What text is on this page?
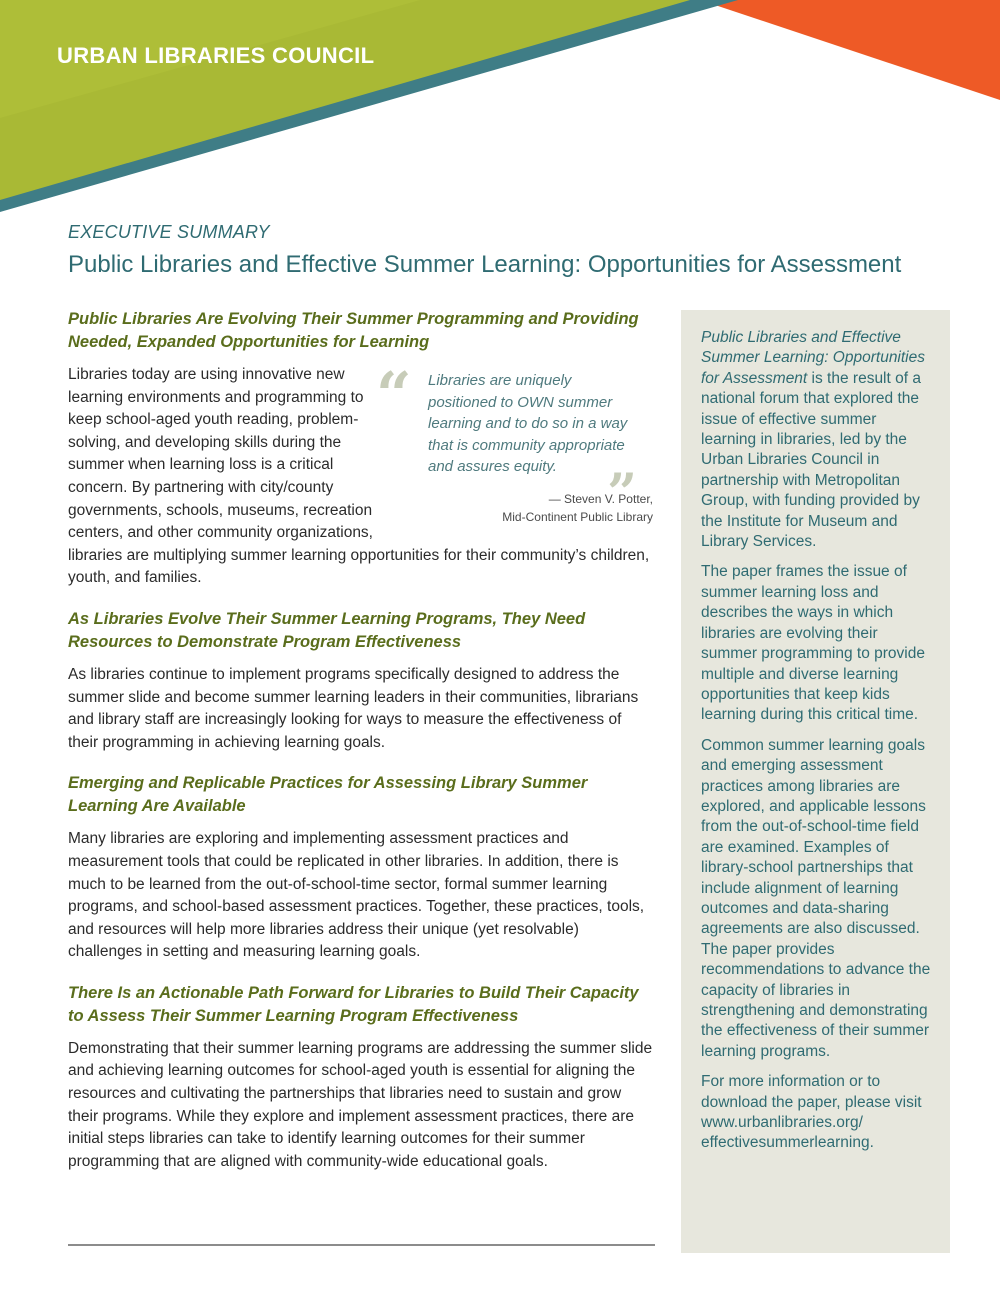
URBAN LIBRARIES COUNCIL
EXECUTIVE SUMMARY
Public Libraries and Effective Summer Learning: Opportunities for Assessment
Public Libraries Are Evolving Their Summer Programming and Providing Needed, Expanded Opportunities for Learning
“ Libraries are uniquely positioned to OWN summer learning and to do so in a way that is community appropriate and assures equity. ”
— Steven V. Potter,
Mid-Continent Public Library

Libraries today are using innovative new learning environments and programming to keep school-aged youth reading, problem-solving, and developing skills during the summer when learning loss is a critical concern. By partnering with city/county governments, schools, museums, recreation centers, and other community organizations, libraries are multiplying summer learning opportunities for their community’s children, youth, and families.

As Libraries Evolve Their Summer Learning Programs, They Need Resources to Demonstrate Program Effectiveness

As libraries continue to implement programs specifically designed to address the summer slide and become summer learning leaders in their communities, librarians and library staff are increasingly looking for ways to measure the effectiveness of their programming in achieving learning goals.

Emerging and Replicable Practices for Assessing Library Summer Learning Are Available

Many libraries are exploring and implementing assessment practices and measurement tools that could be replicated in other libraries. In addition, there is much to be learned from the out-of-school-time sector, formal summer learning programs, and school-based assessment practices. Together, these practices, tools, and resources will help more libraries address their unique (yet resolvable) challenges in setting and measuring learning goals.

There Is an Actionable Path Forward for Libraries to Build Their Capacity to Assess Their Summer Learning Program Effectiveness

Demonstrating that their summer learning programs are addressing the summer slide and achieving learning outcomes for school-aged youth is essential for aligning the resources and cultivating the partnerships that libraries need to sustain and grow their programs. While they explore and implement assessment practices, there are initial steps libraries can take to identify learning outcomes for their summer programming that are aligned with community-wide educational goals.

Public Libraries and Effective Summer Learning: Opportunities for Assessment is the result of a national forum that explored the issue of effective summer learning in libraries, led by the Urban Libraries Council in partnership with Metropolitan Group, with funding provided by the Institute for Museum and Library Services.

The paper frames the issue of summer learning loss and describes the ways in which libraries are evolving their summer programming to provide multiple and diverse learning opportunities that keep kids learning during this critical time.

Common summer learning goals and emerging assessment practices among libraries are explored, and applicable lessons from the out-of-school-time field are examined. Examples of library-school partnerships that include alignment of learning outcomes and data-sharing agreements are also discussed. The paper provides recommendations to advance the capacity of libraries in strengthening and demonstrating the effectiveness of their summer learning programs.

For more information or to download the paper, please visit www.urbanlibraries.org/ effectivesummerlearning.
